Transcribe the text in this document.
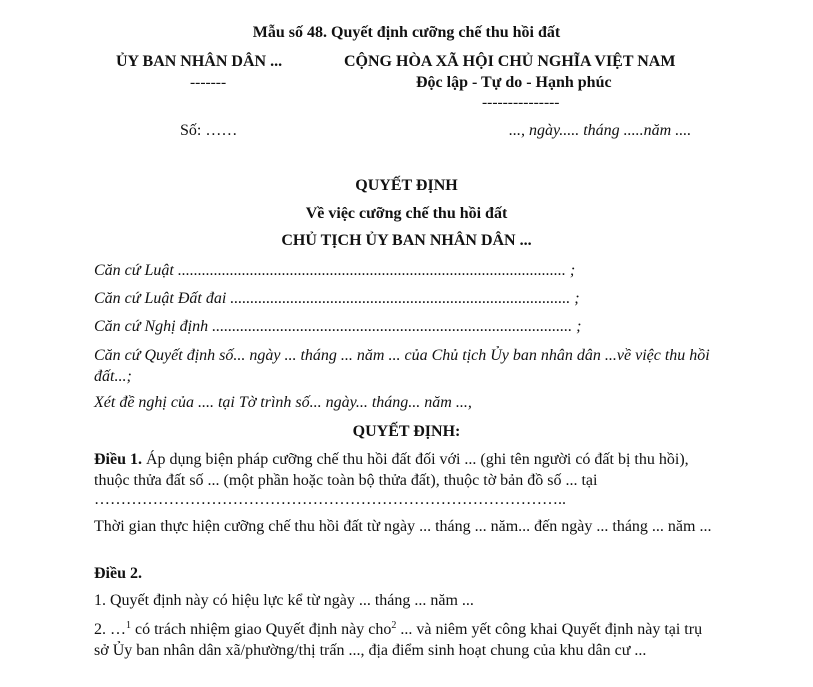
Mẫu số 48. Quyết định cưỡng chế thu hồi đất
ỦY BAN NHÂN DÂN ...
-------
CỘNG HÒA XÃ HỘI CHỦ NGHĨA VIỆT NAM
Độc lập - Tự do - Hạnh phúc
---------------
Số: ……	..., ngày..... tháng .....năm ....
QUYẾT ĐỊNH
Về việc cưỡng chế thu hồi đất
CHỦ TỊCH ỦY BAN NHÂN DÂN ...
Căn cứ Luật ................................................................................................. ;
Căn cứ Luật Đất đai ..................................................................................... ;
Căn cứ Nghị định .......................................................................................... ;
Căn cứ Quyết định số... ngày ... tháng ... năm ... của Chủ tịch Ủy ban nhân dân ...về việc thu hồi đất...;
Xét đề nghị của .... tại Tờ trình số... ngày... tháng... năm ...,
QUYẾT ĐỊNH:
Điều 1. Áp dụng biện pháp cưỡng chế thu hồi đất đối với ... (ghi tên người có đất bị thu hồi), thuộc thửa đất số ... (một phần hoặc toàn bộ thửa đất), thuộc tờ bản đồ số ... tại
……………………………………………………………………………..
Thời gian thực hiện cưỡng chế thu hồi đất từ ngày ... tháng ... năm... đến ngày ... tháng ... năm ...
Điều 2.
1. Quyết định này có hiệu lực kể từ ngày ... tháng ... năm ...
2. …$^1$ có trách nhiệm giao Quyết định này cho$^2$ ... và niêm yết công khai Quyết định này tại trụ sở Ủy ban nhân dân xã/phường/thị trấn ..., địa điểm sinh hoạt chung của khu dân cư ...
